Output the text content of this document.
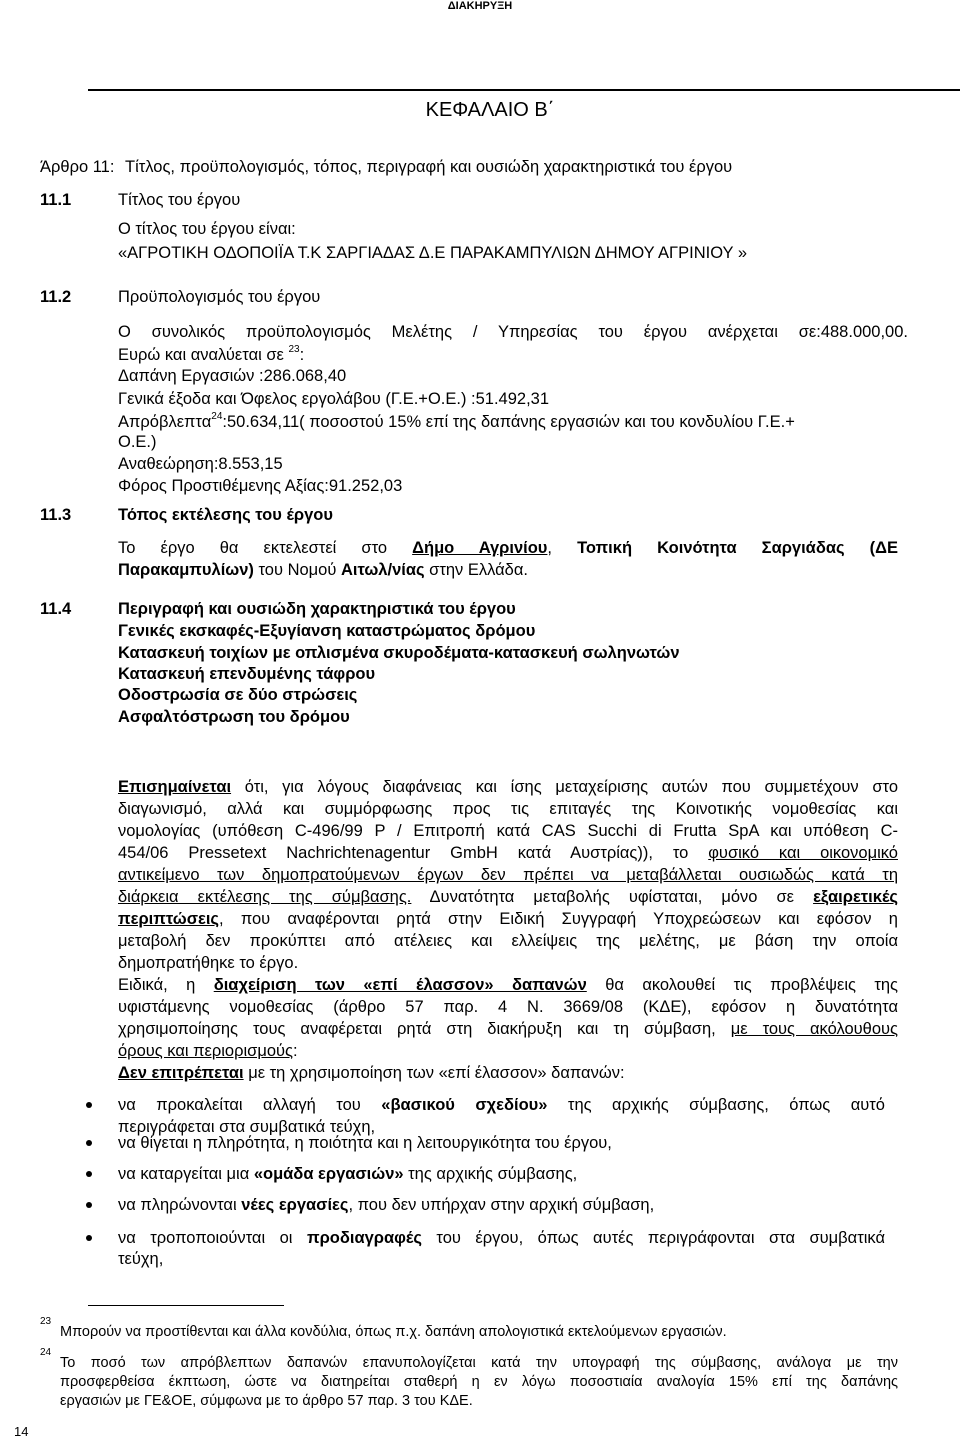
ΔΙΑΚΗΡΥΞΗ
ΚΕΦΑΛΑΙΟ Β΄
Άρθρο 11: Τίτλος, προϋπολογισμός, τόπος, περιγραφή και ουσιώδη χαρακτηριστικά του έργου
11.1	Τίτλος του έργου
Ο τίτλος του έργου είναι:
«ΑΓΡΟΤΙΚΗ ΟΔΟΠΟΙΪΑ Τ.Κ ΣΑΡΓΙΑΔΑΣ Δ.Ε ΠΑΡΑΚΑΜΠΥΛΙΩΝ ΔΗΜΟΥ ΑΓΡΙΝΙΟΥ »
11.2	Προϋπολογισμός του έργου
Ο συνολικός προϋπολογισμός Μελέτης / Υπηρεσίας του έργου ανέρχεται σε:488.000,00.
Ευρώ και αναλύεται σε $^{23}$:
Δαπάνη Εργασιών :286.068,40
Γενικά έξοδα και Όφελος εργολάβου (Γ.Ε.+Ο.Ε.) :51.492,31
Απρόβλεπτα$^{24}$:50.634,11( ποσοστού 15% επί της δαπάνης εργασιών και του κονδυλίου Γ.Ε.+
Ο.Ε.)
Αναθεώρηση:8.553,15
Φόρος Προστιθέμενης Αξίας:91.252,03
11.3	Τόπος εκτέλεσης του έργου
Το έργο θα εκτελεστεί στο Δήμο Αγρινίου, Τοπική Κοινότητα Σαργιάδας (ΔΕ
Παρακαμπυλίων) του Νομού Αιτωλ/νίας στην Ελλάδα.
11.4	Περιγραφή και ουσιώδη χαρακτηριστικά του έργου
Γενικές εκσκαφές-Εξυγίανση καταστρώματος δρόμου
Κατασκευή τοιχίων με οπλισμένα σκυροδέματα-κατασκευή σωληνωτών
Κατασκευή επενδυμένης τάφρου
Οδοστρωσία σε δύο στρώσεις
Ασφαλτόστρωση του δρόμου
Επισημαίνεται ότι, για λόγους διαφάνειας και ίσης μεταχείρισης αυτών που συμμετέχουν στο
διαγωνισμό, αλλά και συμμόρφωσης προς τις επιταγές της Κοινοτικής νομοθεσίας και
νομολογίας (υπόθεση C-496/99 P / Επιτροπή κατά CAS Succhi di Frutta SpA και υπόθεση C-
454/06 Pressetext Nachrichtenagentur GmbH κατά Αυστρίας)), το φυσικό και οικονομικό
αντικείμενο των δημοπρατούμενων έργων δεν πρέπει να μεταβάλλεται ουσιωδώς κατά τη
διάρκεια εκτέλεσης της σύμβασης. Δυνατότητα μεταβολής υφίσταται, μόνο σε εξαιρετικές
περιπτώσεις, που αναφέρονται ρητά στην Ειδική Συγγραφή Υποχρεώσεων και εφόσον η
μεταβολή δεν προκύπτει από ατέλειες και ελλείψεις της μελέτης, με βάση την οποία
δημοπρατήθηκε το έργο.
Ειδικά, η διαχείριση των «επί έλασσον» δαπανών θα ακολουθεί τις προβλέψεις της
υφιστάμενης νομοθεσίας (άρθρο 57 παρ. 4 Ν. 3669/08 (ΚΔΕ), εφόσον η δυνατότητα
χρησιμοποίησης τους αναφέρεται ρητά στη διακήρυξη και τη σύμβαση, με τους ακόλουθους
όρους και περιορισμούς:
Δεν επιτρέπεται με τη χρησιμοποίηση των «επί έλασσον» δαπανών:
να προκαλείται αλλαγή του «βασικού σχεδίου» της αρχικής σύμβασης, όπως αυτό
περιγράφεται στα συμβατικά τεύχη,
να θίγεται η πληρότητα, η ποιότητα και η λειτουργικότητα του έργου,
να καταργείται μια «ομάδα εργασιών» της αρχικής σύμβασης,
να πληρώνονται νέες εργασίες, που δεν υπήρχαν στην αρχική σύμβαση,
να τροποποιούνται οι προδιαγραφές του έργου, όπως αυτές περιγράφονται στα συμβατικά
τεύχη,
23
Μπορούν να προστίθενται και άλλα κονδύλια, όπως π.χ. δαπάνη απολογιστικά εκτελούμενων εργασιών.
24
Το ποσό των απρόβλεπτων δαπανών επανυπολογίζεται κατά την υπογραφή της σύμβασης, ανάλογα με την
προσφερθείσα έκπτωση, ώστε να διατηρείται σταθερή η εν λόγω ποσοστιαία αναλογία 15% επί της δαπάνης
εργασιών με ΓΕ&ΟΕ, σύμφωνα με το άρθρο 57 παρ. 3 του ΚΔΕ.
14
